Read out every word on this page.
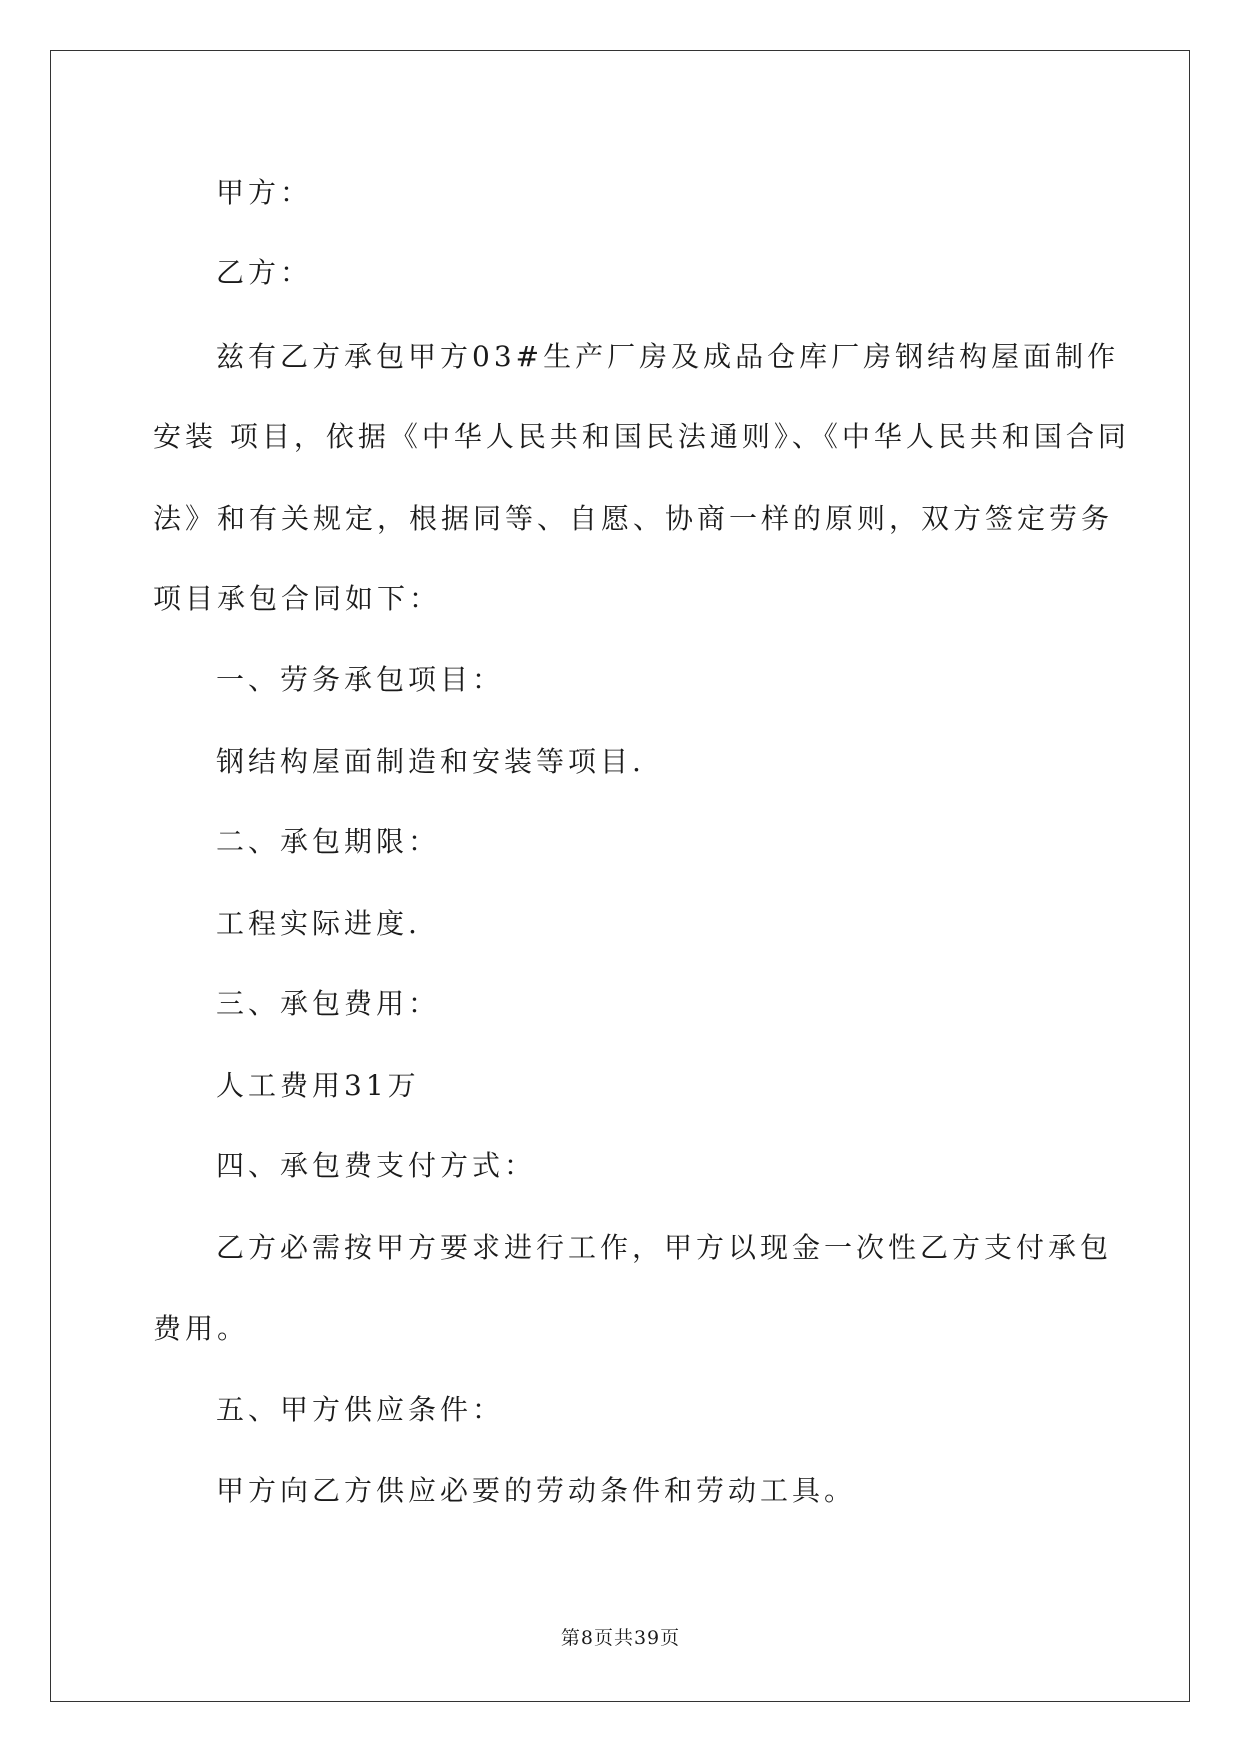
甲方：
乙方：
兹有乙方承包甲方03#生产厂房及成品仓库厂房钢结构屋面制作
安装 项目，依据《中华人民共和国民法通则》、《中华人民共和国合同
法》和有关规定，根据同等、自愿、协商一样的原则，双方签定劳务
项目承包合同如下：
一、劳务承包项目：
钢结构屋面制造和安装等项目.
二、承包期限：
工程实际进度.
三、承包费用：
人工费用31万
四、承包费支付方式：
乙方必需按甲方要求进行工作，甲方以现金一次性乙方支付承包
费用。
五、甲方供应条件：
甲方向乙方供应必要的劳动条件和劳动工具。
第8页共39页
